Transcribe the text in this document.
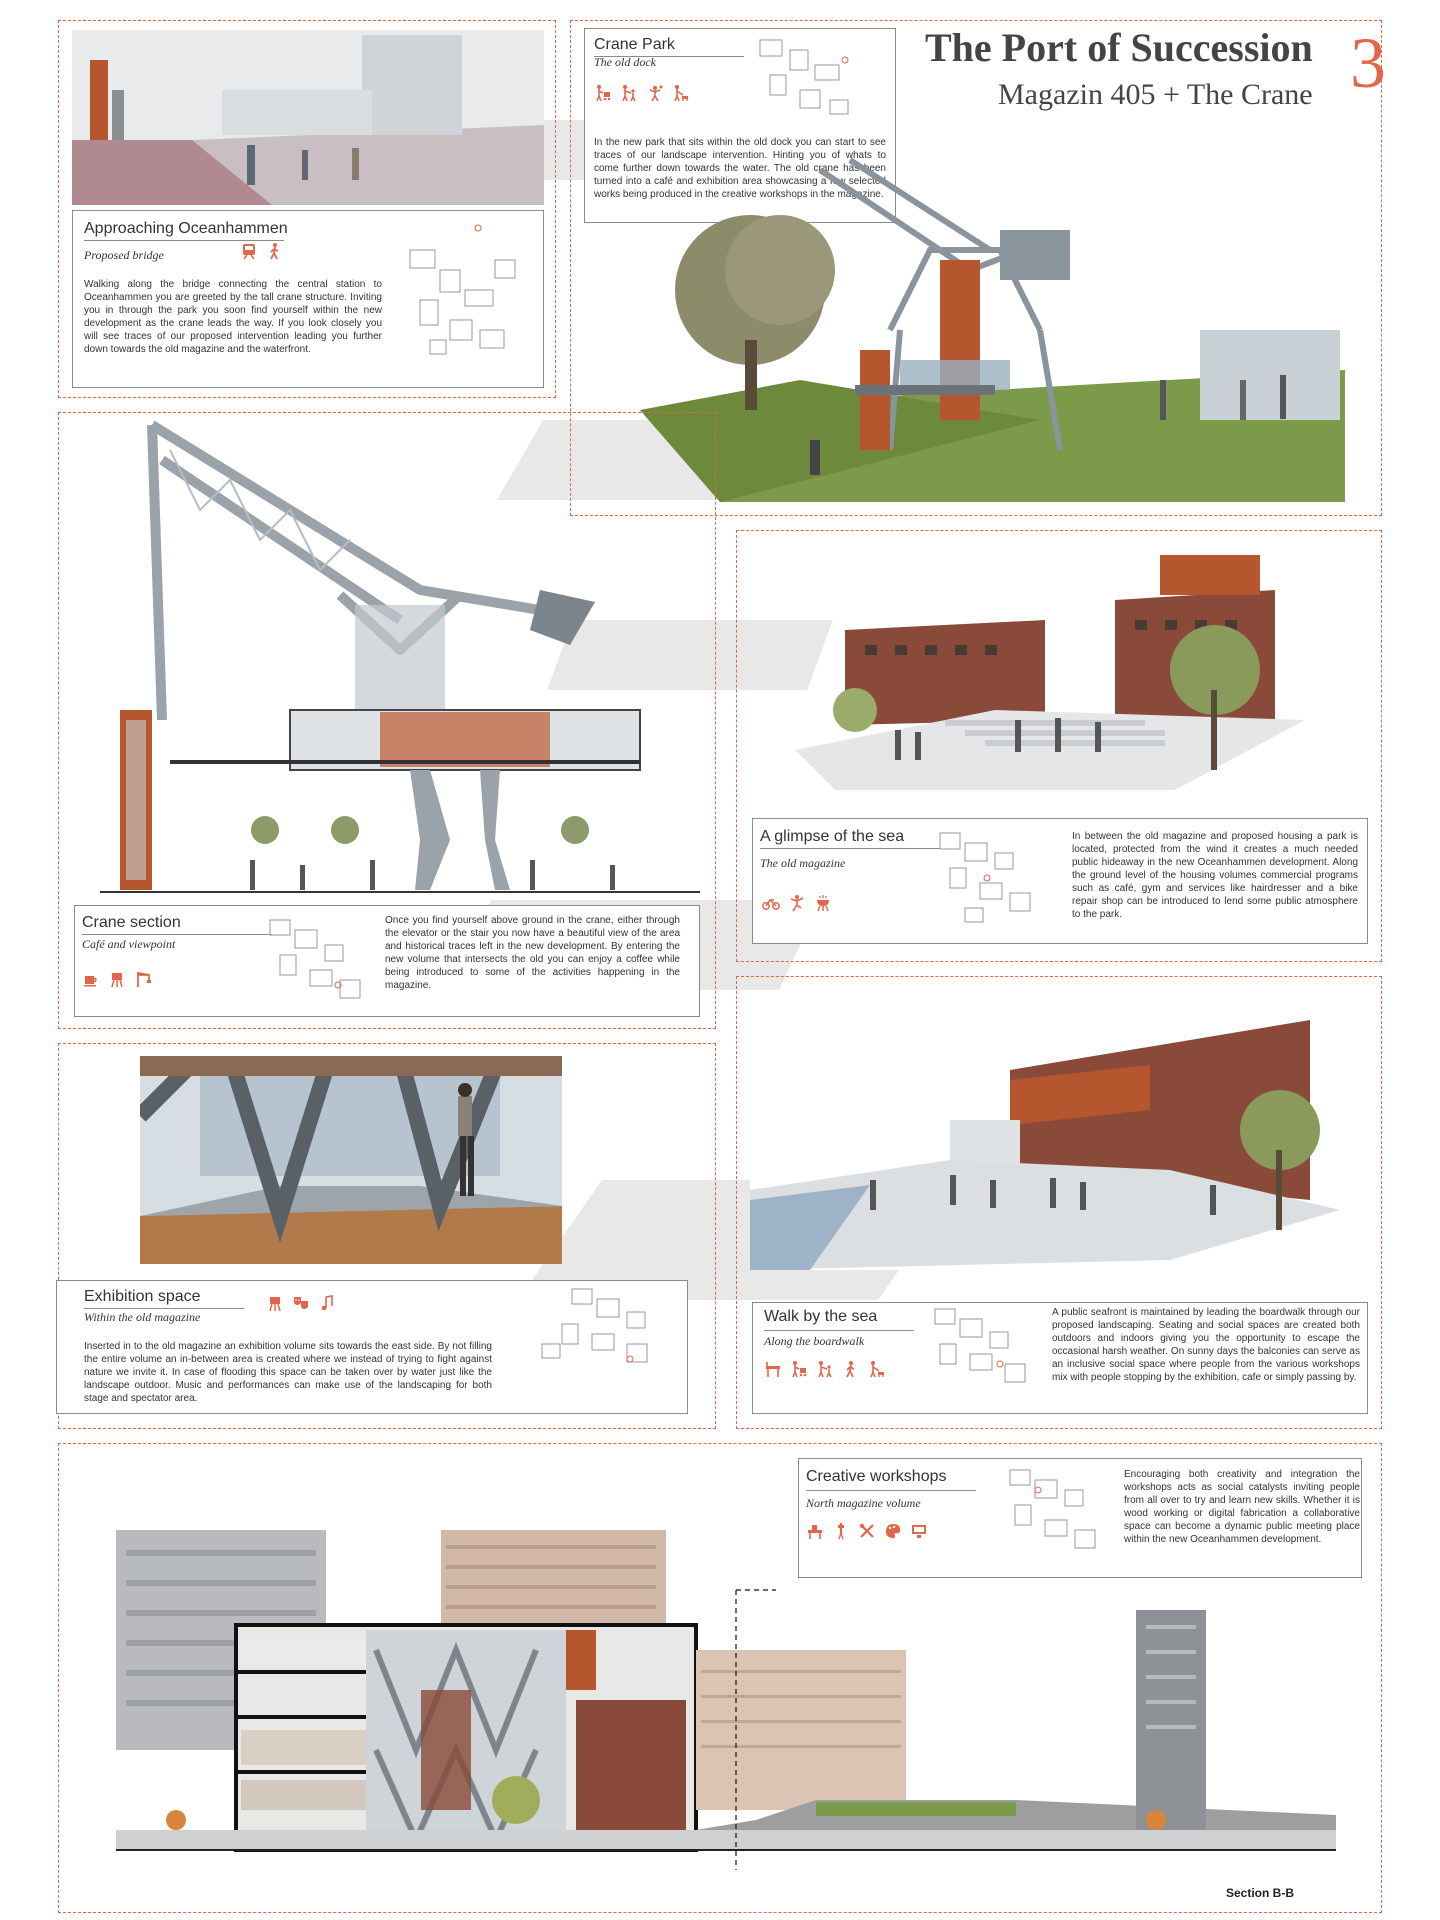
Approaching Oceanhammen
Proposed bridge
Walking along the bridge connecting the central station to Oceanhammen you are greeted by the tall crane structure. Inviting you in through the park you soon find yourself within the new development as the crane leads the way. If you look closely you will see traces of our proposed intervention leading you further down towards the old magazine and the waterfront.
The Port of Succession
Magazin 405 + The Crane 3
Crane Park
The old dock
In the new park that sits within the old dock you can start to see traces of our landscape intervention. Hinting you of whats to come further down towards the water. The old crane has been turned into a café and exhibition area showcasing a few selected works being produced in the creative workshops in the magazine.
Crane section
Café and viewpoint
Once you find yourself above ground in the crane, either through the elevator or the stair you now have a beautiful view of the area and historical traces left in the new development. By entering the new volume that intersects the old you can enjoy a coffee while being introduced to some of the activities happening in the magazine.
A glimpse of the sea
The old magazine
In between the old magazine and proposed housing a park is located, protected from the wind it creates a much needed public hideaway in the new Oceanhammen development. Along the ground level of the housing volumes commercial programs such as café, gym and services like hairdresser and a bike repair shop can be introduced to lend some public atmosphere to the park.
Exhibition space
Within the old magazine
Inserted in to the old magazine an exhibition volume sits towards the east side. By not filling the entire volume an in-between area is created where we instead of trying to fight against nature we invite it. In case of flooding this space can be taken over by water just like the landscape outdoor. Music and performances can make use of the landscaping for both stage and spectator area.
Walk by the sea
Along the boardwalk
A public seafront is maintained by leading the boardwalk through our proposed landscaping. Seating and social spaces are created both outdoors and indoors giving you the opportunity to escape the occasional harsh weather. On sunny days the balconies can serve as an inclusive social space where people from the various workshops mix with people stopping by the exhibition, cafe or simply passing by.
Creative workshops
North magazine volume
Encouraging both creativity and integration the workshops acts as social catalysts inviting people from all over to try and learn new skills. Whether it is wood working or digital fabrication a collaborative space can become a dynamic public meeting place within the new Oceanhammen development.
Section B-B
